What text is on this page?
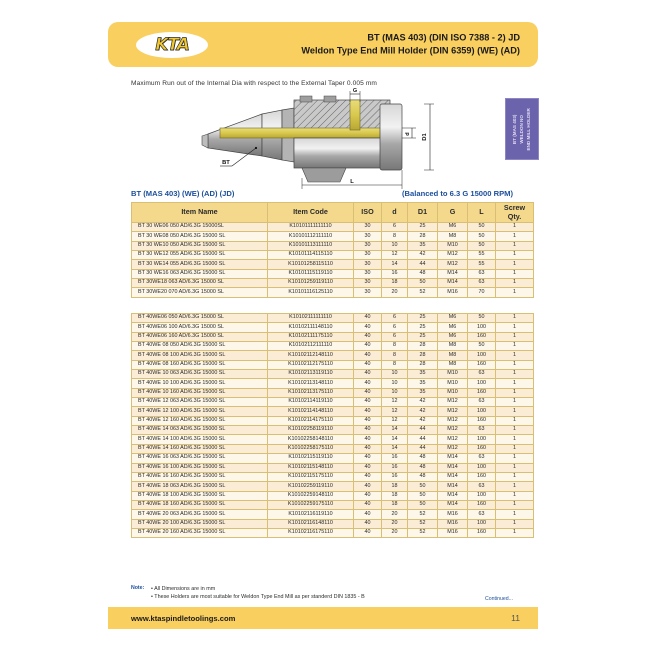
KTA	BT (MAS 403) (DIN ISO 7388 - 2) JD
Weldon Type End Mill Holder (DIN 6359) (WE) (AD)
Maximum Run out of the Internal Dia with respect to the External Taper 0.005 mm
G
d D1
L
BT
BT (MAS 403) WELDON NO END MILL HOLDER
BT (MAS 403) (WE) (AD) (JD)	(Balanced to 6.3 G 15000 RPM)
Item Name	Item Code	ISO	d	D1	G	L	Screw
Qty.
BT 30 WE06 050 AD/6.3G 15000SL	K10101111111110	30	6	25	M6	50	1
BT 30 WE08 050 AD/6.3G 15000 SL	K10101112111110	30	8	28	M8	50	1
BT 30 WE10 050 AD/6.3G 15000 SL	K10101113111110	30	10	35	M10	50	1
BT 30 WE12 055 AD/6.3G 15000 SL	K10101114115110	30	12	42	M12	55	1
BT 30 WE14 055 AD/6.3G 15000 SL	K10101258115110	30	14	44	M12	55	1
BT 30 WE16 063 AD/6.3G 15000 SL	K10101115119110	30	16	48	M14	63	1
BT 30WE18 063 AD/6.3G 15000 SL	K10101259119110	30	18	50	M14	63	1
BT 30WE20 070 AD/6.3G 15000 SL	K10101116125110	30	20	52	M16	70	1
BT 40WE06 050 AD/6.3G 15000 SL	K10102111111110	40	6	25	M6	50	1
BT 40WE06 100 AD/6.3G 15000 SL	K10102111148110	40	6	25	M6	100	1
BT 40WE06 160 AD/6.3G 15000 SL	K10102111175110	40	6	25	M6	160	1
BT 40WE 08 050 AD/6.3G 15000 SL	K10102112111110	40	8	28	M8	50	1
BT 40WE 08 100 AD/6.3G 15000 SL	K10102112148110	40	8	28	M8	100	1
BT 40WE 08 160 AD/6.3G 15000 SL	K10102112175110	40	8	28	M8	160	1
BT 40WE 10 063 AD/6.3G 15000 SL	K10102113119110	40	10	35	M10	63	1
BT 40WE 10 100 AD/6.3G 15000 SL	K10102113148110	40	10	35	M10	100	1
BT 40WE 10 160 AD/6.3G 15000 SL	K10102113175110	40	10	35	M10	160	1
BT 40WE 12 063 AD/6.3G 15000 SL	K10102114119110	40	12	42	M12	63	1
BT 40WE 12 100 AD/6.3G 15000 SL	K10102114148110	40	12	42	M12	100	1
BT 40WE 12 160 AD/6.3G 15000 SL	K10102114175110	40	12	42	M12	160	1
BT 40WE 14 063 AD/6.3G 15000 SL	K10102258119110	40	14	44	M12	63	1
BT 40WE 14 100 AD/6.3G 15000 SL	K10102258148110	40	14	44	M12	100	1
BT 40WE 14 160 AD/6.3G 15000 SL	K10102258175110	40	14	44	M12	160	1
BT 40WE 16 063 AD/6.3G 15000 SL	K10102115119110	40	16	48	M14	63	1
BT 40WE 16 100 AD/6.3G 15000 SL	K10102115148110	40	16	48	M14	100	1
BT 40WE 16 160 AD/6.3G 15000 SL	K10102115175110	40	16	48	M14	160	1
BT 40WE 18 063 AD/6.3G 15000 SL	K10102259119110	40	18	50	M14	63	1
BT 40WE 18 100 AD/6.3G 15000 SL	K10102259148110	40	18	50	M14	100	1
BT 40WE 18 160 AD/6.3G 15000 SL	K10102259175110	40	18	50	M14	160	1
BT 40WE 20 063 AD/6.3G 15000 SL	K10102116119110	40	20	52	M16	63	1
BT 40WE 20 100 AD/6.3G 15000 SL	K10102116148110	40	20	52	M16	100	1
BT 40WE 20 160 AD/6.3G 15000 SL	K10102116175110	40	20	52	M16	160	1
Note: • All Dimensions are in mm
• These Holders are most suitable for Weldon Type End Mill as per standerd DIN 1835 - B	Continued...
www.ktaspindletoolings.com	11
